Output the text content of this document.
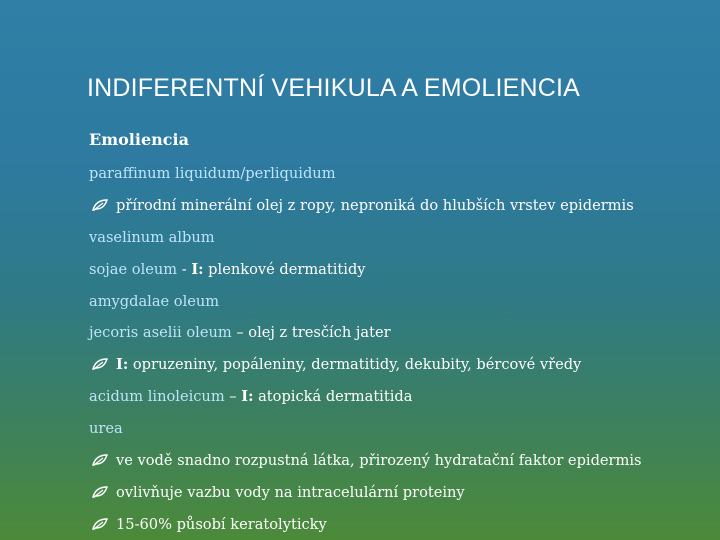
INDIFERENTNÍ VEHIKULA A EMOLIENCIA
Emoliencia
paraffinum liquidum/perliquidum
přírodní minerální olej z ropy, neproniká do hlubších vrstev epidermis
vaselinum album
sojae oleum - I: plenkové dermatitidy
amygdalae oleum
jecoris aselii oleum – olej z tresčích jater
I: opruzeniny, popáleniny, dermatitidy, dekubity, bércové vředy
acidum linoleicum – I: atopická dermatitida
urea
ve vodě snadno rozpustná látka, přirozený hydratační faktor epidermis
ovlivňuje vazbu vody na intracelulární proteiny
15-60% působí keratolyticky
